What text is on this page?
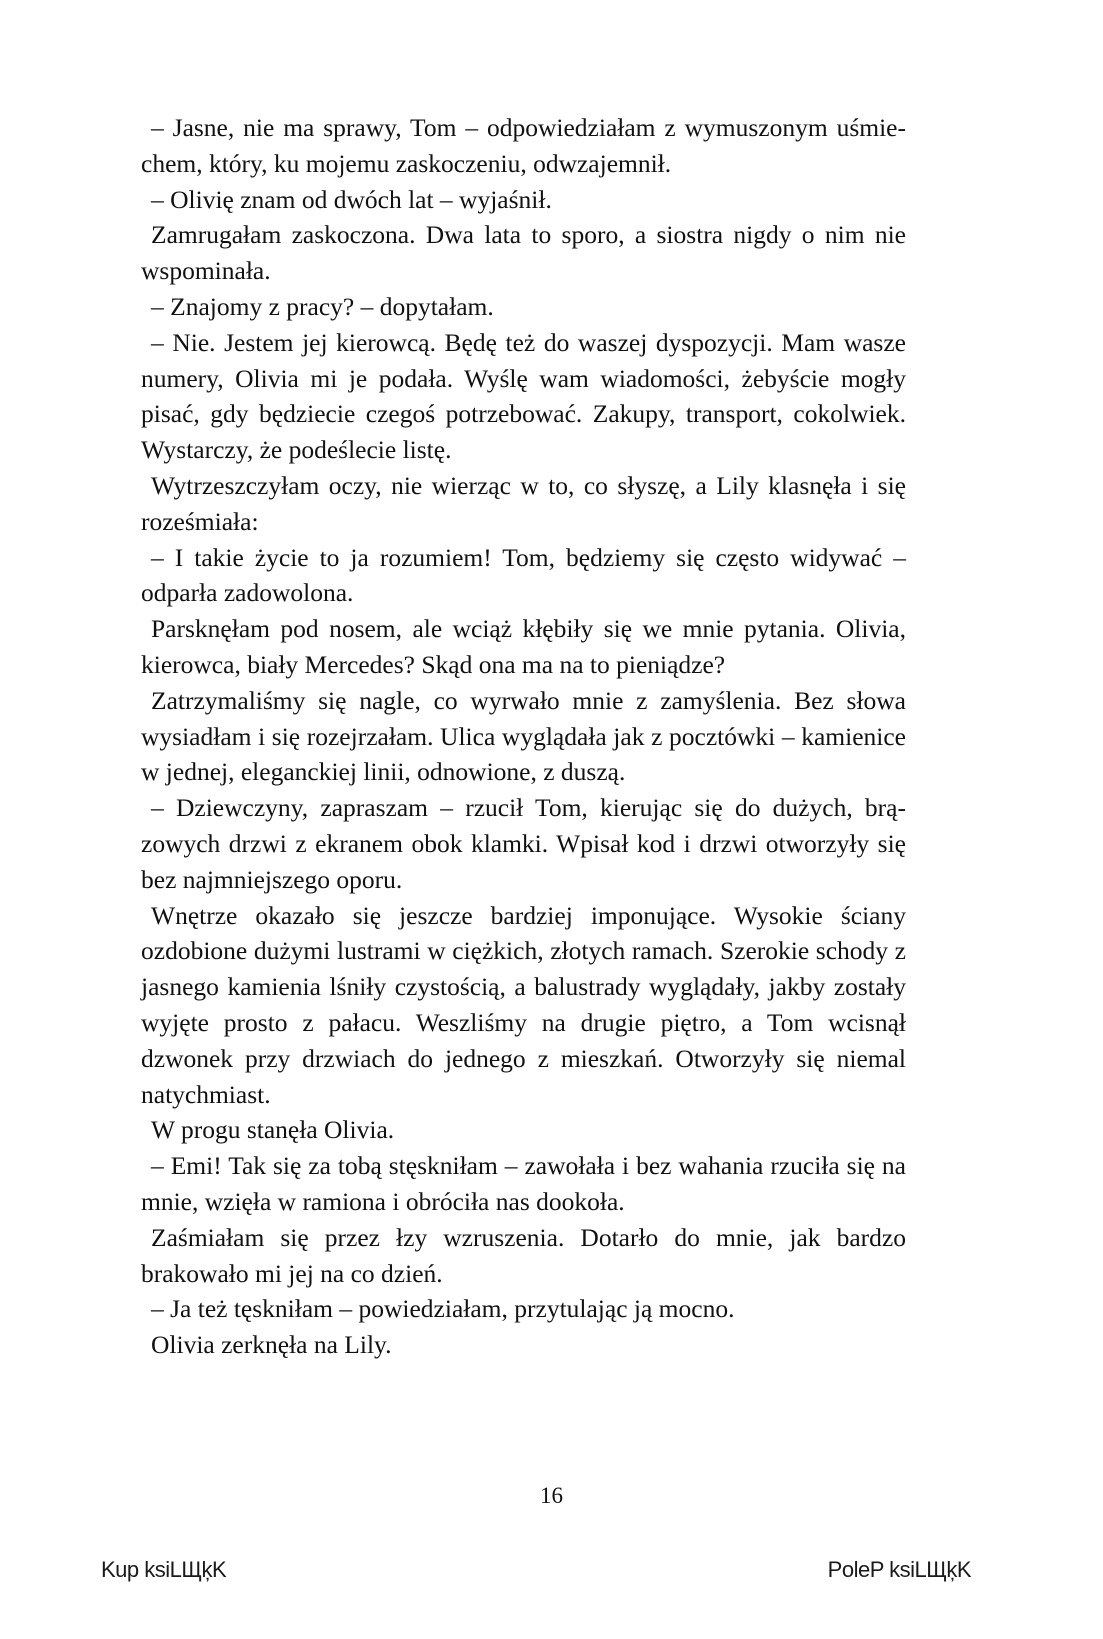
– Jasne, nie ma sprawy, Tom – odpowiedziałam z wymuszonym uśmiechem, który, ku mojemu zaskoczeniu, odwzajemnił.

– Olivię znam od dwóch lat – wyjaśnił.

Zamrugałam zaskoczona. Dwa lata to sporo, a siostra nigdy o nim nie wspominała.

– Znajomy z pracy? – dopytałam.

– Nie. Jestem jej kierowcą. Będę też do waszej dyspozycji. Mam wasze numery, Olivia mi je podała. Wyślę wam wiadomości, żebyście mogły pisać, gdy będziecie czegoś potrzebować. Zakupy, transport, cokolwiek. Wystarczy, że podeślecie listę.

Wytrzeszczyłam oczy, nie wierząc w to, co słyszę, a Lily klasnęła i się roześmiała:

– I takie życie to ja rozumiem! Tom, będziemy się często widywać – odparła zadowolona.

Parsknęłam pod nosem, ale wciąż kłębiły się we mnie pytania. Olivia, kierowca, biały Mercedes? Skąd ona ma na to pieniądze?

Zatrzymaliśmy się nagle, co wyrwało mnie z zamyślenia. Bez słowa wysiadłam i się rozejrzałam. Ulica wyglądała jak z pocztówki – kamienice w jednej, eleganckiej linii, odnowione, z duszą.

– Dziewczyny, zapraszam – rzucił Tom, kierując się do dużych, brązowych drzwi z ekranem obok klamki. Wpisał kod i drzwi otworzyły się bez najmniejszego oporu.

Wnętrze okazało się jeszcze bardziej imponujące. Wysokie ściany ozdobione dużymi lustrami w ciężkich, złotych ramach. Szerokie schody z jasnego kamienia lśniły czystością, a balustrady wyglądały, jakby zostały wyjęte prosto z pałacu. Weszliśmy na drugie piętro, a Tom wcisnął dzwonek przy drzwiach do jednego z mieszkań. Otworzyły się niemal natychmiast.

W progu stanęła Olivia.

– Emi! Tak się za tobą stęskniłam – zawołała i bez wahania rzuciła się na mnie, wzięła w ramiona i obróciła nas dookoła.

Zaśmiałam się przez łzy wzruszenia. Dotarło do mnie, jak bardzo brakowało mi jej na co dzień.

– Ja też tęskniłam – powiedziałam, przytulając ją mocno.

Olivia zerknęła na Lily.

16
Kup ksiLЩķK	PoleP ksiLЩķK
